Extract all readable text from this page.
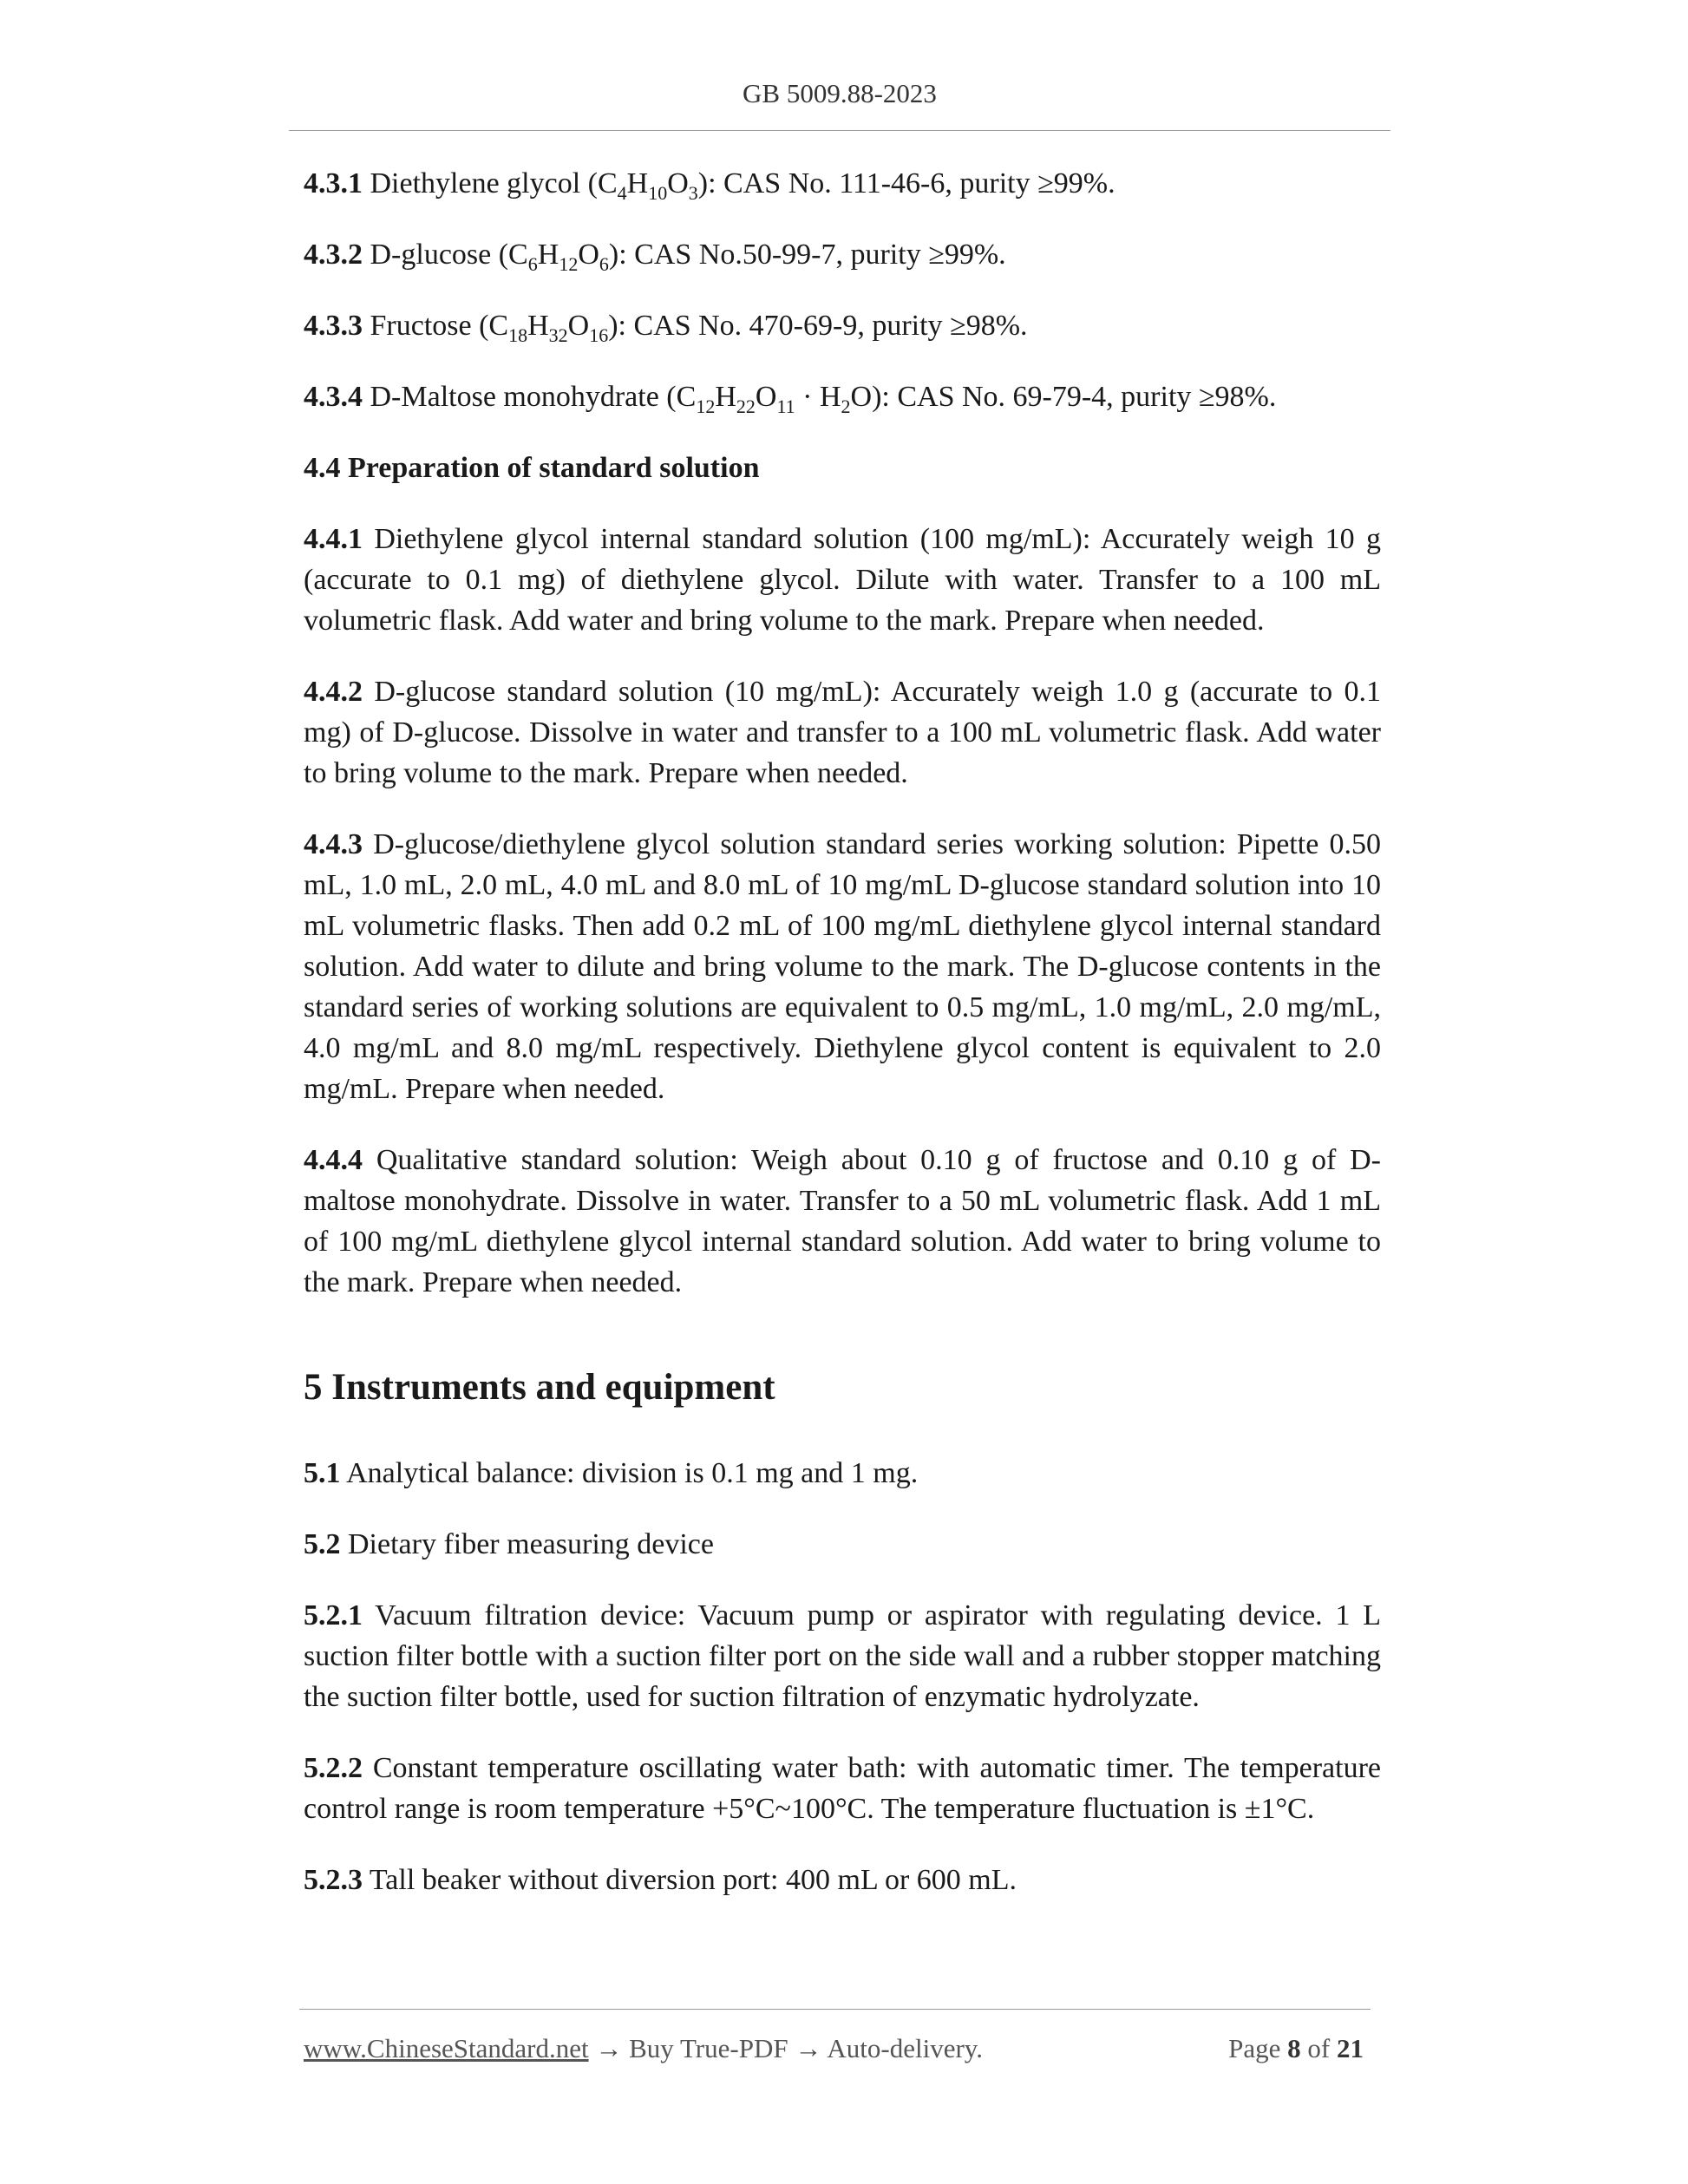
GB 5009.88-2023

4.3.1 Diethylene glycol $(C_4H_{10}O_3)$: CAS No. 111-46-6, purity ≥99%.

4.3.2 D-glucose $(C_6H_{12}O_6)$: CAS No.50-99-7, purity ≥99%.

4.3.3 Fructose $(C_{18}H_{32}O_{16})$: CAS No. 470-69-9, purity ≥98%.

4.3.4 D-Maltose monohydrate $(C_{12}H_{22}O_{11} \cdot H_2O)$: CAS No. 69-79-4, purity ≥98%.

4.4 Preparation of standard solution

4.4.1 Diethylene glycol internal standard solution (100 mg/mL): Accurately weigh 10 g (accurate to 0.1 mg) of diethylene glycol. Dilute with water. Transfer to a 100 mL volumetric flask. Add water and bring volume to the mark. Prepare when needed.

4.4.2 D-glucose standard solution (10 mg/mL): Accurately weigh 1.0 g (accurate to 0.1 mg) of D-glucose. Dissolve in water and transfer to a 100 mL volumetric flask. Add water to bring volume to the mark. Prepare when needed.

4.4.3 D-glucose/diethylene glycol solution standard series working solution: Pipette 0.50 mL, 1.0 mL, 2.0 mL, 4.0 mL and 8.0 mL of 10 mg/mL D-glucose standard solution into 10 mL volumetric flasks. Then add 0.2 mL of 100 mg/mL diethylene glycol internal standard solution. Add water to dilute and bring volume to the mark. The D-glucose contents in the standard series of working solutions are equivalent to 0.5 mg/mL, 1.0 mg/mL, 2.0 mg/mL, 4.0 mg/mL and 8.0 mg/mL respectively. Diethylene glycol content is equivalent to 2.0 mg/mL. Prepare when needed.

4.4.4 Qualitative standard solution: Weigh about 0.10 g of fructose and 0.10 g of D-maltose monohydrate. Dissolve in water. Transfer to a 50 mL volumetric flask. Add 1 mL of 100 mg/mL diethylene glycol internal standard solution. Add water to bring volume to the mark. Prepare when needed.

5 Instruments and equipment

5.1 Analytical balance: division is 0.1 mg and 1 mg.

5.2 Dietary fiber measuring device

5.2.1 Vacuum filtration device: Vacuum pump or aspirator with regulating device. 1 L suction filter bottle with a suction filter port on the side wall and a rubber stopper matching the suction filter bottle, used for suction filtration of enzymatic hydrolyzate.

5.2.2 Constant temperature oscillating water bath: with automatic timer. The temperature control range is room temperature +5°C~100°C. The temperature fluctuation is ±1°C.

5.2.3 Tall beaker without diversion port: 400 mL or 600 mL.

www.ChineseStandard.net → Buy True-PDF → Auto-delivery.	Page 8 of 21
